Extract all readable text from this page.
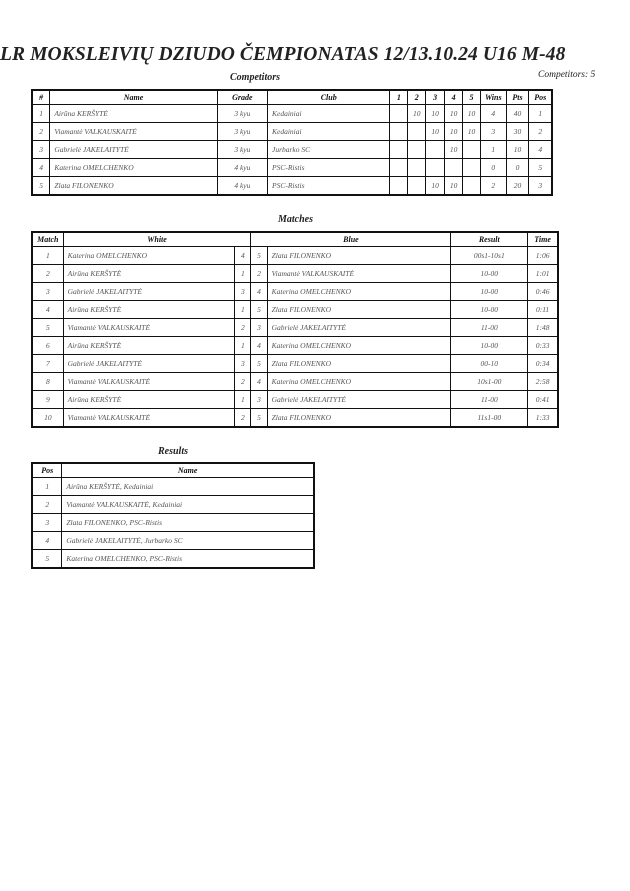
LR MOKSLEIVIŲ DZIUDO ČEMPIONATAS 12/13.10.24 U16 M-48
Competitors	Competitors: 5
#	Name	Grade	Club	1	2	3	4	5	Wins	Pts	Pos
1	Airūna KERŠYTĖ	3 kyu	Kedainiai		10	10	10	10	4	40	1
2	Viamantė VALKAUSKAITĖ	3 kyu	Kedainiai			10	10	10	3	30	2
3	Gabrielė JAKELAITYTĖ	3 kyu	Jurbarko SC				10		1	10	4
4	Katerina OMELCHENKO	4 kyu	PSC-Ristis						0	0	5
5	Zlata FILONENKO	4 kyu	PSC-Ristis			10	10		2	20	3
Matches
Match	White		Blue		Result	Time
1	Katerina OMELCHENKO	4	5	Zlata FILONENKO	00s1-10s1	1:06
2	Airūna KERŠYTĖ	1	2	Viamantė VALKAUSKAITĖ	10-00	1:01
3	Gabrielė JAKELAITYTĖ	3	4	Katerina OMELCHENKO	10-00	0:46
4	Airūna KERŠYTĖ	1	5	Zlata FILONENKO	10-00	0:11
5	Viamantė VALKAUSKAITĖ	2	3	Gabrielė JAKELAITYTĖ	11-00	1:48
6	Airūna KERŠYTĖ	1	4	Katerina OMELCHENKO	10-00	0:33
7	Gabrielė JAKELAITYTĖ	3	5	Zlata FILONENKO	00-10	0:34
8	Viamantė VALKAUSKAITĖ	2	4	Katerina OMELCHENKO	10s1-00	2:58
9	Airūna KERŠYTĖ	1	3	Gabrielė JAKELAITYTĖ	11-00	0:41
10	Viamantė VALKAUSKAITĖ	2	5	Zlata FILONENKO	11s1-00	1:33
Results
Pos	Name
1	Airūna KERŠYTĖ, Kedainiai
2	Viamantė VALKAUSKAITĖ, Kedainiai
3	Zlata FILONENKO, PSC-Ristis
4	Gabrielė JAKELAITYTĖ, Jurbarko SC
5	Katerina OMELCHENKO, PSC-Ristis
